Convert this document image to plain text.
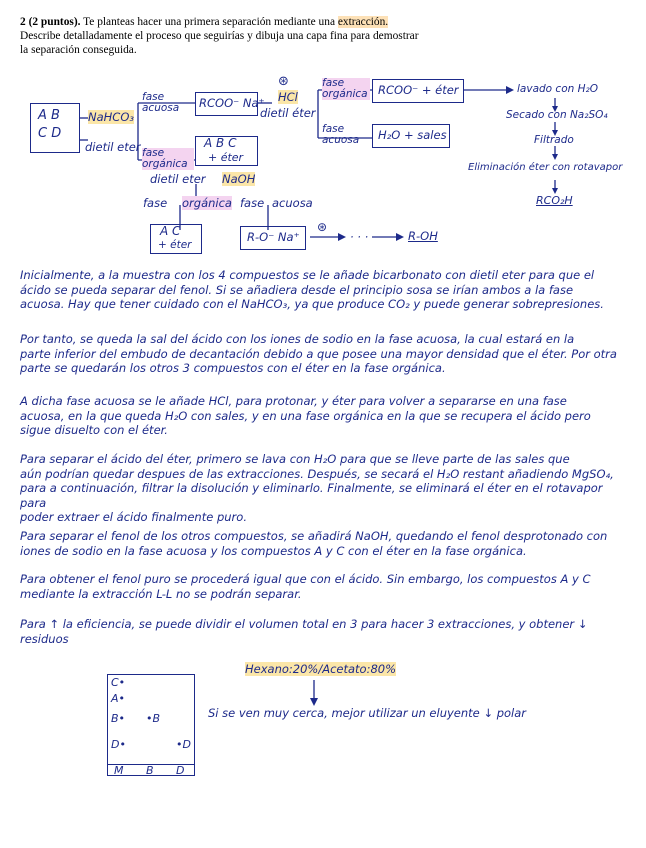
2 (2 puntos). Te planteas hacer una primera separación mediante una extracción.
Describe detalladamente el proceso que seguirías y dibuja una capa fina para demostrar
la separación conseguida.
A B
C D
NaHCO₃
dietil eter
fase acuosa
fase orgánica
RCOO⁻ Na⁺
⊛
HCl
dietil éter
A B C
+ éter
fase orgánica
fase acuosa
RCOO⁻ + éter
H₂O + sales
lavado con H₂O
Secado con Na₂SO₄
Filtrado
Eliminación éter con rotavapor
RCO₂H
dietil eter NaOH
fase orgánica fase acuosa
A C
+ éter
R-O⁻ Na⁺
⊛
· · ·	R-OH
Inicialmente, a la muestra con los 4 compuestos se le añade bicarbonato con dietil eter para que el
ácido se pueda separar del fenol. Si se añadiera desde el principio sosa se irían ambos a la fase
acuosa. Hay que tener cuidado con el NaHCO₃, ya que produce CO₂ y puede generar sobrepresiones.
Por tanto, se queda la sal del ácido con los iones de sodio en la fase acuosa, la cual estará en la
parte inferior del embudo de decantación debido a que posee una mayor densidad que el éter. Por otra
parte se quedarán los otros 3 compuestos con el éter en la fase orgánica.
A dicha fase acuosa se le añade HCl, para protonar, y éter para volver a separarse en una fase
acuosa, en la que queda H₂O con sales, y en una fase orgánica en la que se recupera el ácido pero
sigue disuelto con el éter.
Para separar el ácido del éter, primero se lava con H₂O para que se lleve parte de las sales que
aún podrían quedar despues de las extracciones. Después, se secará el H₂O restant añadiendo MgSO₄,
para a continuación, filtrar la disolución y eliminarlo. Finalmente, se eliminará el éter en el rotavapor para
poder extraer el ácido finalmente puro.
Para separar el fenol de los otros compuestos, se añadirá NaOH, quedando el fenol desprotonado con
iones de sodio en la fase acuosa y los compuestos A y C con el éter en la fase orgánica.
Para obtener el fenol puro se procederá igual que con el ácido. Sin embargo, los compuestos A y C
mediante la extracción L-L no se podrán separar.
Para ↑ la eficiencia, se puede dividir el volumen total en 3 para hacer 3 extracciones, y obtener ↓ residuos
Hexano:20%/Acetato:80%
C•
A•
B• •B
D•	•D
M B D
Si se ven muy cerca, mejor utilizar un eluyente ↓ polar
